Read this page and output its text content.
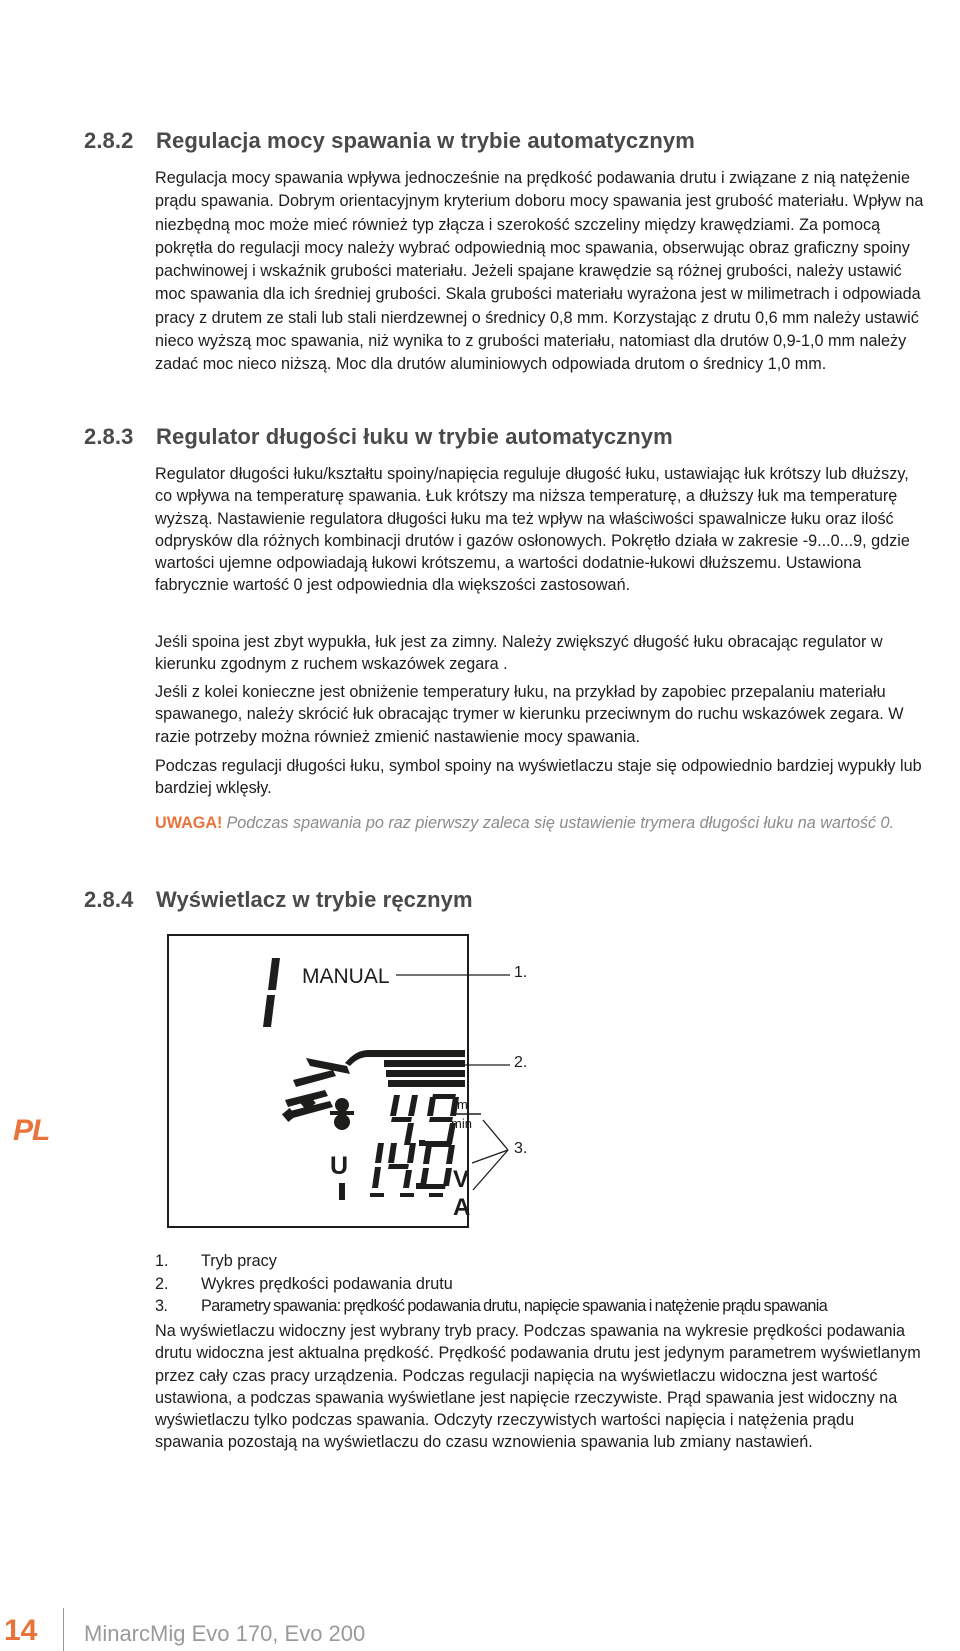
2.8.2 Regulacja mocy spawania w trybie automatycznym

Regulacja mocy spawania wpływa jednocześnie na prędkość podawania drutu i związane z nią natężenie prądu spawania. Dobrym orientacyjnym kryterium doboru mocy spawania jest grubość materiału. Wpływ na niezbędną moc może mieć również typ złącza i szerokość szczeliny między krawędziami. Za pomocą pokrętła do regulacji mocy należy wybrać odpowiednią moc spawania, obserwując obraz graficzny spoiny pachwinowej i wskaźnik grubości materiału. Jeżeli spajane krawędzie są różnej grubości, należy ustawić moc spawania dla ich średniej grubości. Skala grubości materiału wyrażona jest w milimetrach i odpowiada pracy z drutem ze stali lub stali nierdzewnej o średnicy 0,8 mm. Korzystając z drutu 0,6 mm należy ustawić nieco wyższą moc spawania, niż wynika to z grubości materiału, natomiast dla drutów 0,9-1,0 mm należy zadać moc nieco niższą. Moc dla drutów aluminiowych odpowiada drutom o średnicy 1,0 mm.

2.8.3 Regulator długości łuku w trybie automatycznym

Regulator długości łuku/kształtu spoiny/napięcia reguluje długość łuku, ustawiając łuk krótszy lub dłuższy, co wpływa na temperaturę spawania. Łuk krótszy ma niższa temperaturę, a dłuższy łuk ma temperaturę wyższą. Nastawienie regulatora długości łuku ma też wpływ na właściwości spawalnicze łuku oraz ilość odprysków dla różnych kombinacji drutów i gazów osłonowych. Pokrętło działa w zakresie -9...0...9, gdzie wartości ujemne odpowiadają łukowi krótszemu, a wartości dodatnie-łukowi dłuższemu. Ustawiona fabrycznie wartość 0 jest odpowiednia dla większości zastosowań.

Jeśli spoina jest zbyt wypukła, łuk jest za zimny. Należy zwiększyć długość łuku obracając regulator w kierunku zgodnym z ruchem wskazówek zegara .

Jeśli z kolei konieczne jest obniżenie temperatury łuku, na przykład by zapobiec przepalaniu materiału spawanego, należy skrócić łuk obracając trymer w kierunku przeciwnym do ruchu wskazówek zegara. W razie potrzeby można również zmienić nastawienie mocy spawania.

Podczas regulacji długości łuku, symbol spoiny na wyświetlaczu staje się odpowiednio bardziej wypukły lub bardziej wklęsły.

UWAGA! Podczas spawania po raz pierwszy zaleca się ustawienie trymera długości łuku na wartość 0.

2.8.4 Wyświetlacz w trybie ręcznym
MANUAL
m
min
U	V
A
1.
2.
3.
1. Tryb pracy
2. Wykres prędkości podawania drutu
3. Parametry spawania: prędkość podawania drutu, napięcie spawania i natężenie prądu spawania

Na wyświetlaczu widoczny jest wybrany tryb pracy. Podczas spawania na wykresie prędkości podawania drutu widoczna jest aktualna prędkość. Prędkość podawania drutu jest jedynym parametrem wyświetlanym przez cały czas pracy urządzenia. Podczas regulacji napięcia na wyświetlaczu widoczna jest wartość ustawiona, a podczas spawania wyświetlane jest napięcie rzeczywiste. Prąd spawania jest widoczny na wyświetlaczu tylko podczas spawania. Odczyty rzeczywistych wartości napięcia i natężenia prądu spawania pozostają na wyświetlaczu do czasu wznowienia spawania lub zmiany nastawień.

PL
14 MinarcMig Evo 170, Evo 200
